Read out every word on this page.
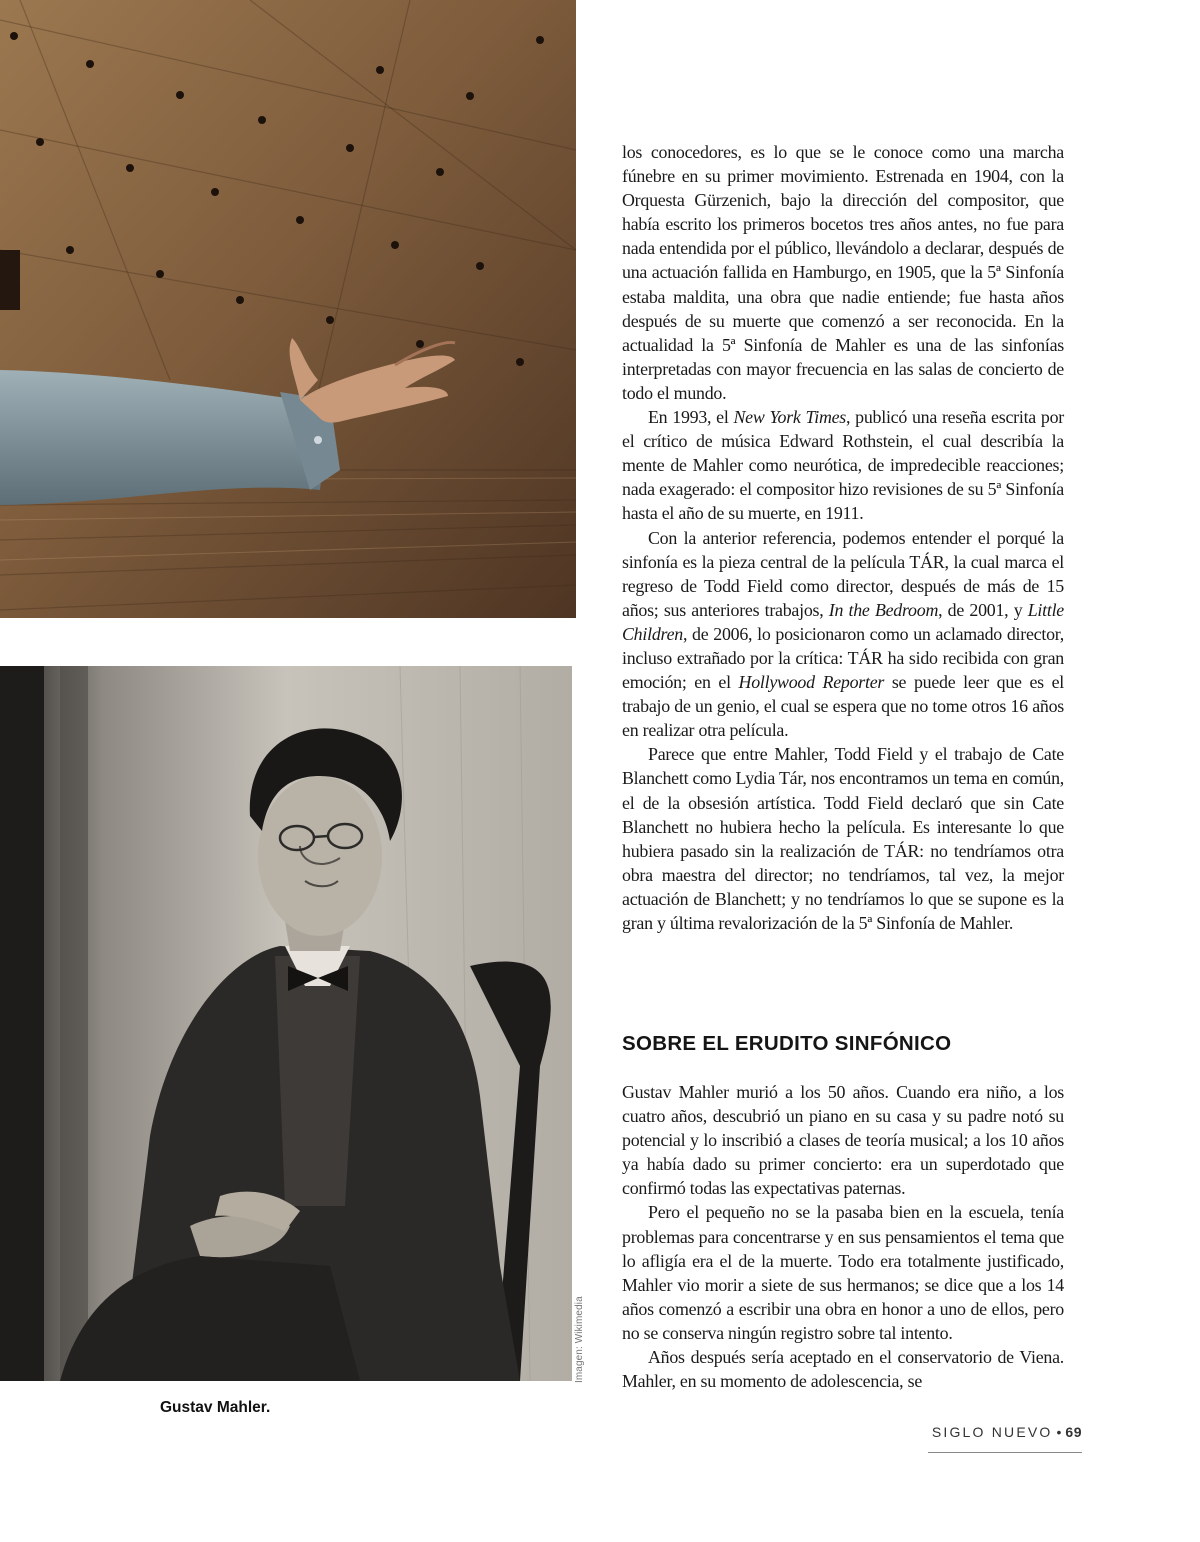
Imagen: Wikimedia
Gustav Mahler.

los conocedores, es lo que se le conoce como una marcha fúnebre en su primer movimiento. Estrenada en 1904, con la Orquesta Gürzenich, bajo la dirección del compositor, que había escrito los primeros bocetos tres años antes, no fue para nada entendida por el público, llevándolo a declarar, después de una actuación fallida en Hamburgo, en 1905, que la 5ª Sinfonía estaba maldita, una obra que nadie entiende; fue hasta años después de su muerte que comenzó a ser reconocida. En la actualidad la 5ª Sinfonía de Mahler es una de las sinfonías interpretadas con mayor frecuencia en las salas de concierto de todo el mundo.

En 1993, el New York Times, publicó una reseña escrita por el crítico de música Edward Rothstein, el cual describía la mente de Mahler como neurótica, de impredecible reacciones; nada exagerado: el compositor hizo revisiones de su 5ª Sinfonía hasta el año de su muerte, en 1911.

Con la anterior referencia, podemos entender el porqué la sinfonía es la pieza central de la película TÁR, la cual marca el regreso de Todd Field como director, después de más de 15 años; sus anteriores trabajos, In the Bedroom, de 2001, y Little Children, de 2006, lo posicionaron como un aclamado director, incluso extrañado por la crítica: TÁR ha sido recibida con gran emoción; en el Hollywood Reporter se puede leer que es el trabajo de un genio, el cual se espera que no tome otros 16 años en realizar otra película.

Parece que entre Mahler, Todd Field y el trabajo de Cate Blanchett como Lydia Tár, nos encontramos un tema en común, el de la obsesión artística. Todd Field declaró que sin Cate Blanchett no hubiera hecho la película. Es interesante lo que hubiera pasado sin la realización de TÁR: no tendríamos otra obra maestra del director; no tendríamos, tal vez, la mejor actuación de Blanchett; y no tendríamos lo que se supone es la gran y última revalorización de la 5ª Sinfonía de Mahler.

SOBRE EL ERUDITO SINFÓNICO

Gustav Mahler murió a los 50 años. Cuando era niño, a los cuatro años, descubrió un piano en su casa y su padre notó su potencial y lo inscribió a clases de teoría musical; a los 10 años ya había dado su primer concierto: era un superdotado que confirmó todas las expectativas paternas.

Pero el pequeño no se la pasaba bien en la escuela, tenía problemas para concentrarse y en sus pensamientos el tema que lo afligía era el de la muerte. Todo era totalmente justificado, Mahler vio morir a siete de sus hermanos; se dice que a los 14 años comenzó a escribir una obra en honor a uno de ellos, pero no se conserva ningún registro sobre tal intento.

Años después sería aceptado en el conservatorio de Viena. Mahler, en su momento de adolescencia, se

SIGLO NUEVO • 69
